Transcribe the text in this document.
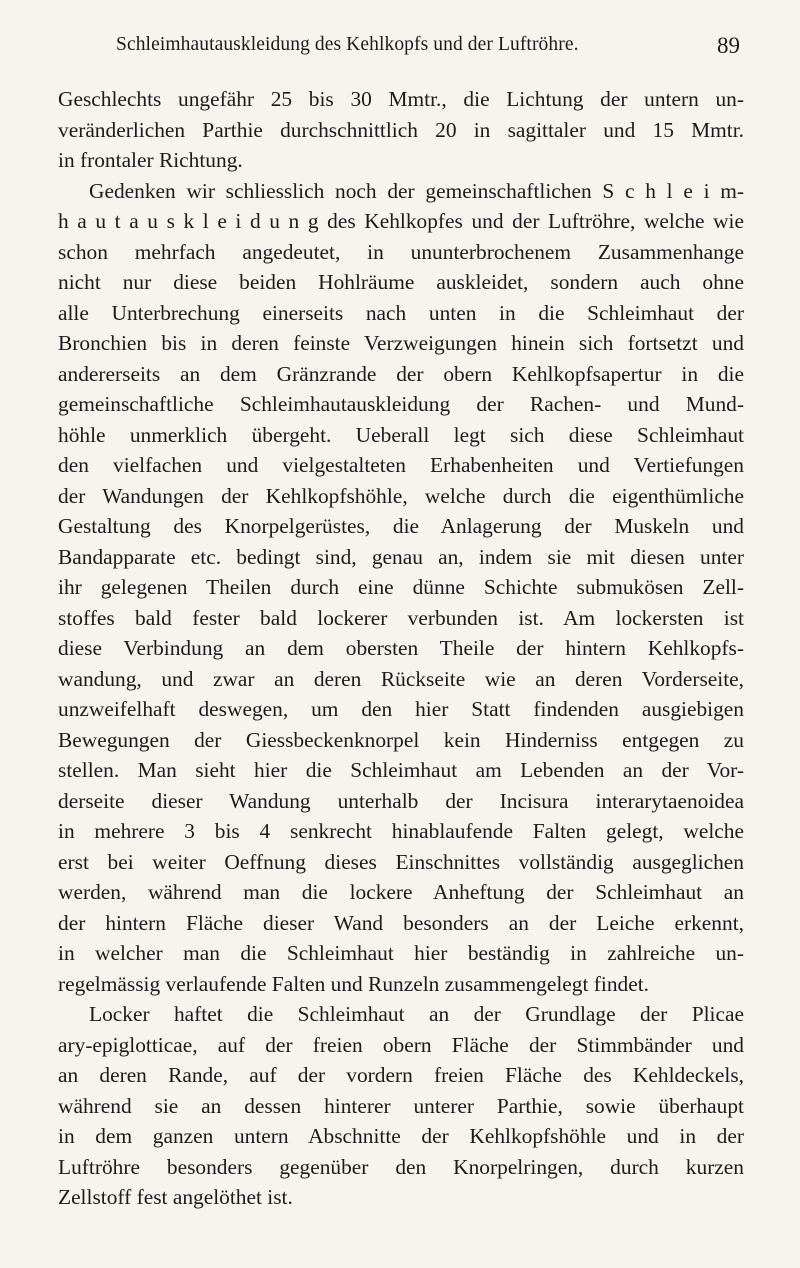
Schleimhautauskleidung des Kehlkopfs und der Luftröhre.	89
Geschlechts ungefähr 25 bis 30 Mmtr., die Lichtung der untern un-
veränderlichen Parthie durchschnittlich 20 in sagittaler und 15 Mmtr.
in frontaler Richtung.
Gedenken wir schliesslich noch der gemeinschaftlichen S c h l e i m-
h a u t a u s k l e i d u n g des Kehlkopfes und der Luftröhre, welche wie
schon mehrfach angedeutet, in ununterbrochenem Zusammenhange
nicht nur diese beiden Hohlräume auskleidet, sondern auch ohne
alle Unterbrechung einerseits nach unten in die Schleimhaut der
Bronchien bis in deren feinste Verzweigungen hinein sich fortsetzt und
andererseits an dem Gränzrande der obern Kehlkopfsapertur in die
gemeinschaftliche Schleimhautauskleidung der Rachen- und Mund-
höhle unmerklich übergeht. Ueberall legt sich diese Schleimhaut
den vielfachen und vielgestalteten Erhabenheiten und Vertiefungen
der Wandungen der Kehlkopfshöhle, welche durch die eigenthümliche
Gestaltung des Knorpelgerüstes, die Anlagerung der Muskeln und
Bandapparate etc. bedingt sind, genau an, indem sie mit diesen unter
ihr gelegenen Theilen durch eine dünne Schichte submukösen Zell-
stoffes bald fester bald lockerer verbunden ist. Am lockersten ist
diese Verbindung an dem obersten Theile der hintern Kehlkopfs-
wandung, und zwar an deren Rückseite wie an deren Vorderseite,
unzweifelhaft deswegen, um den hier Statt findenden ausgiebigen
Bewegungen der Giessbeckenknorpel kein Hinderniss entgegen zu
stellen. Man sieht hier die Schleimhaut am Lebenden an der Vor-
derseite dieser Wandung unterhalb der Incisura interarytaenoidea
in mehrere 3 bis 4 senkrecht hinablaufende Falten gelegt, welche
erst bei weiter Oeffnung dieses Einschnittes vollständig ausgeglichen
werden, während man die lockere Anheftung der Schleimhaut an
der hintern Fläche dieser Wand besonders an der Leiche erkennt,
in welcher man die Schleimhaut hier beständig in zahlreiche un-
regelmässig verlaufende Falten und Runzeln zusammengelegt findet.
Locker haftet die Schleimhaut an der Grundlage der Plicae
ary-epiglotticae, auf der freien obern Fläche der Stimmbänder und
an deren Rande, auf der vordern freien Fläche des Kehldeckels,
während sie an dessen hinterer unterer Parthie, sowie überhaupt
in dem ganzen untern Abschnitte der Kehlkopfshöhle und in der
Luftröhre besonders gegenüber den Knorpelringen, durch kurzen
Zellstoff fest angelöthet ist.
